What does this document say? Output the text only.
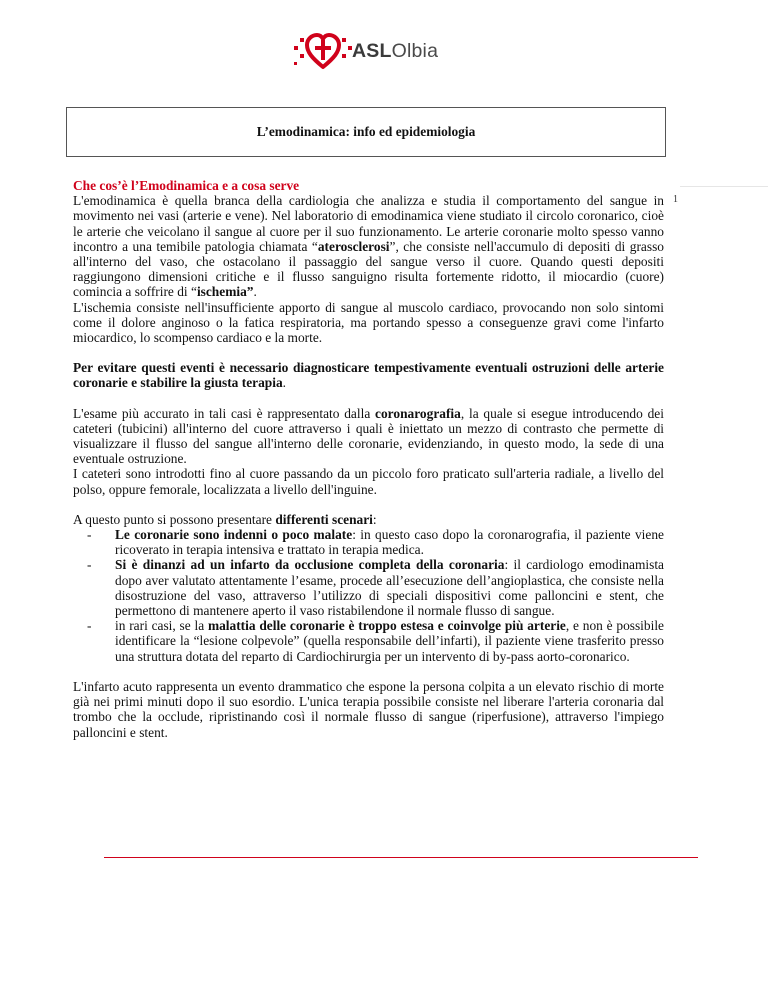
ASLOlbia
L’emodinamica: info ed epidemiologia
1

Che cos’è l’Emodinamica e a cosa serve

L'emodinamica è quella branca della cardiologia che analizza e studia il comportamento del sangue in movimento nei vasi (arterie e vene). Nel laboratorio di emodinamica viene studiato il circolo coronarico, cioè le arterie che veicolano il sangue al cuore per il suo funzionamento. Le arterie coronarie molto spesso vanno incontro a una temibile patologia chiamata “aterosclerosi”, che consiste nell'accumulo di depositi di grasso all'interno del vaso, che ostacolano il passaggio del sangue verso il cuore. Quando questi depositi raggiungono dimensioni critiche e il flusso sanguigno risulta fortemente ridotto, il miocardio (cuore) comincia a soffrire di “ischemia”.

L'ischemia consiste nell'insufficiente apporto di sangue al muscolo cardiaco, provocando non solo sintomi come il dolore anginoso o la fatica respiratoria, ma portando spesso a conseguenze gravi come l'infarto miocardico, lo scompenso cardiaco e la morte.

Per evitare questi eventi è necessario diagnosticare tempestivamente eventuali ostruzioni delle arterie coronarie e stabilire la giusta terapia.

L'esame più accurato in tali casi è rappresentato dalla coronarografia, la quale si esegue introducendo dei cateteri (tubicini) all'interno del cuore attraverso i quali è iniettato un mezzo di contrasto che permette di visualizzare il flusso del sangue all'interno delle coronarie, evidenziando, in questo modo, la sede di una eventuale ostruzione.

I cateteri sono introdotti fino al cuore passando da un piccolo foro praticato sull'arteria radiale, a livello del polso, oppure femorale, localizzata a livello dell'inguine.

A questo punto si possono presentare differenti scenari:

- Le coronarie sono indenni o poco malate: in questo caso dopo la coronarografia, il paziente viene ricoverato in terapia intensiva e trattato in terapia medica.
- Si è dinanzi ad un infarto da occlusione completa della coronaria: il cardiologo emodinamista dopo aver valutato attentamente l’esame, procede all’esecuzione dell’angioplastica, che consiste nella disostruzione del vaso, attraverso l’utilizzo di speciali dispositivi come palloncini e stent, che permettono di mantenere aperto il vaso ristabilendone il normale flusso di sangue.
- in rari casi, se la malattia delle coronarie è troppo estesa e coinvolge più arterie, e non è possibile identificare la “lesione colpevole” (quella responsabile dell’infarti), il paziente viene trasferito presso una struttura dotata del reparto di Cardiochirurgia per un intervento di by-pass aorto-coronarico.

L'infarto acuto rappresenta un evento drammatico che espone la persona colpita a un elevato rischio di morte già nei primi minuti dopo il suo esordio. L'unica terapia possibile consiste nel liberare l'arteria coronaria dal trombo che la occlude, ripristinando così il normale flusso di sangue (riperfusione), attraverso l'impiego palloncini e stent.
